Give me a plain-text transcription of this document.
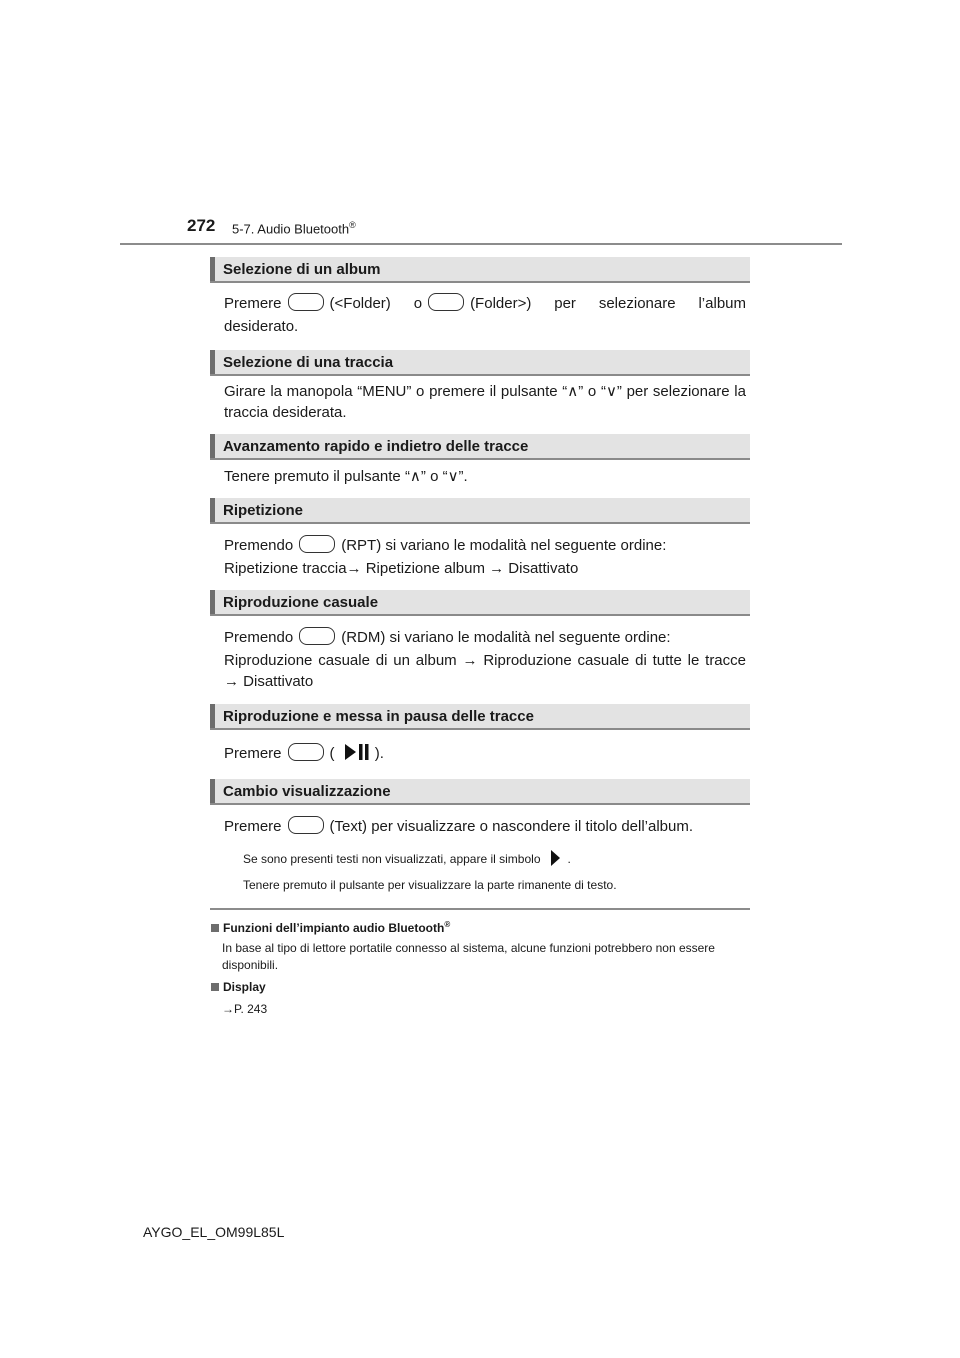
272 5-7. Audio Bluetooth®
Selezione di un album
Premere	(<Folder) o	(Folder>) per selezionare l’album
desiderato.
Selezione di una traccia
Girare la manopola “MENU” o premere il pulsante “∧” o “∨” per selezionare la
traccia desiderata.
Avanzamento rapido e indietro delle tracce
Tenere premuto il pulsante “∧” o “∨”.
Ripetizione
Premendo	(RPT) si variano le modalità nel seguente ordine:
Ripetizione traccia→ Ripetizione album → Disattivato
Riproduzione casuale
Premendo	(RDM) si variano le modalità nel seguente ordine:
Riproduzione casuale di un album → Riproduzione casuale di tutte le tracce
→ Disattivato
Riproduzione e messa in pausa delle tracce
Premere	(	).
Cambio visualizzazione
Premere	(Text) per visualizzare o nascondere il titolo dell’album.
Se sono presenti testi non visualizzati, appare il simbolo .
Tenere premuto il pulsante per visualizzare la parte rimanente di testo.
Funzioni dell’impianto audio Bluetooth®
In base al tipo di lettore portatile connesso al sistema, alcune funzioni potrebbero non essere disponibili.
Display
→P. 243
AYGO_EL_OM99L85L
